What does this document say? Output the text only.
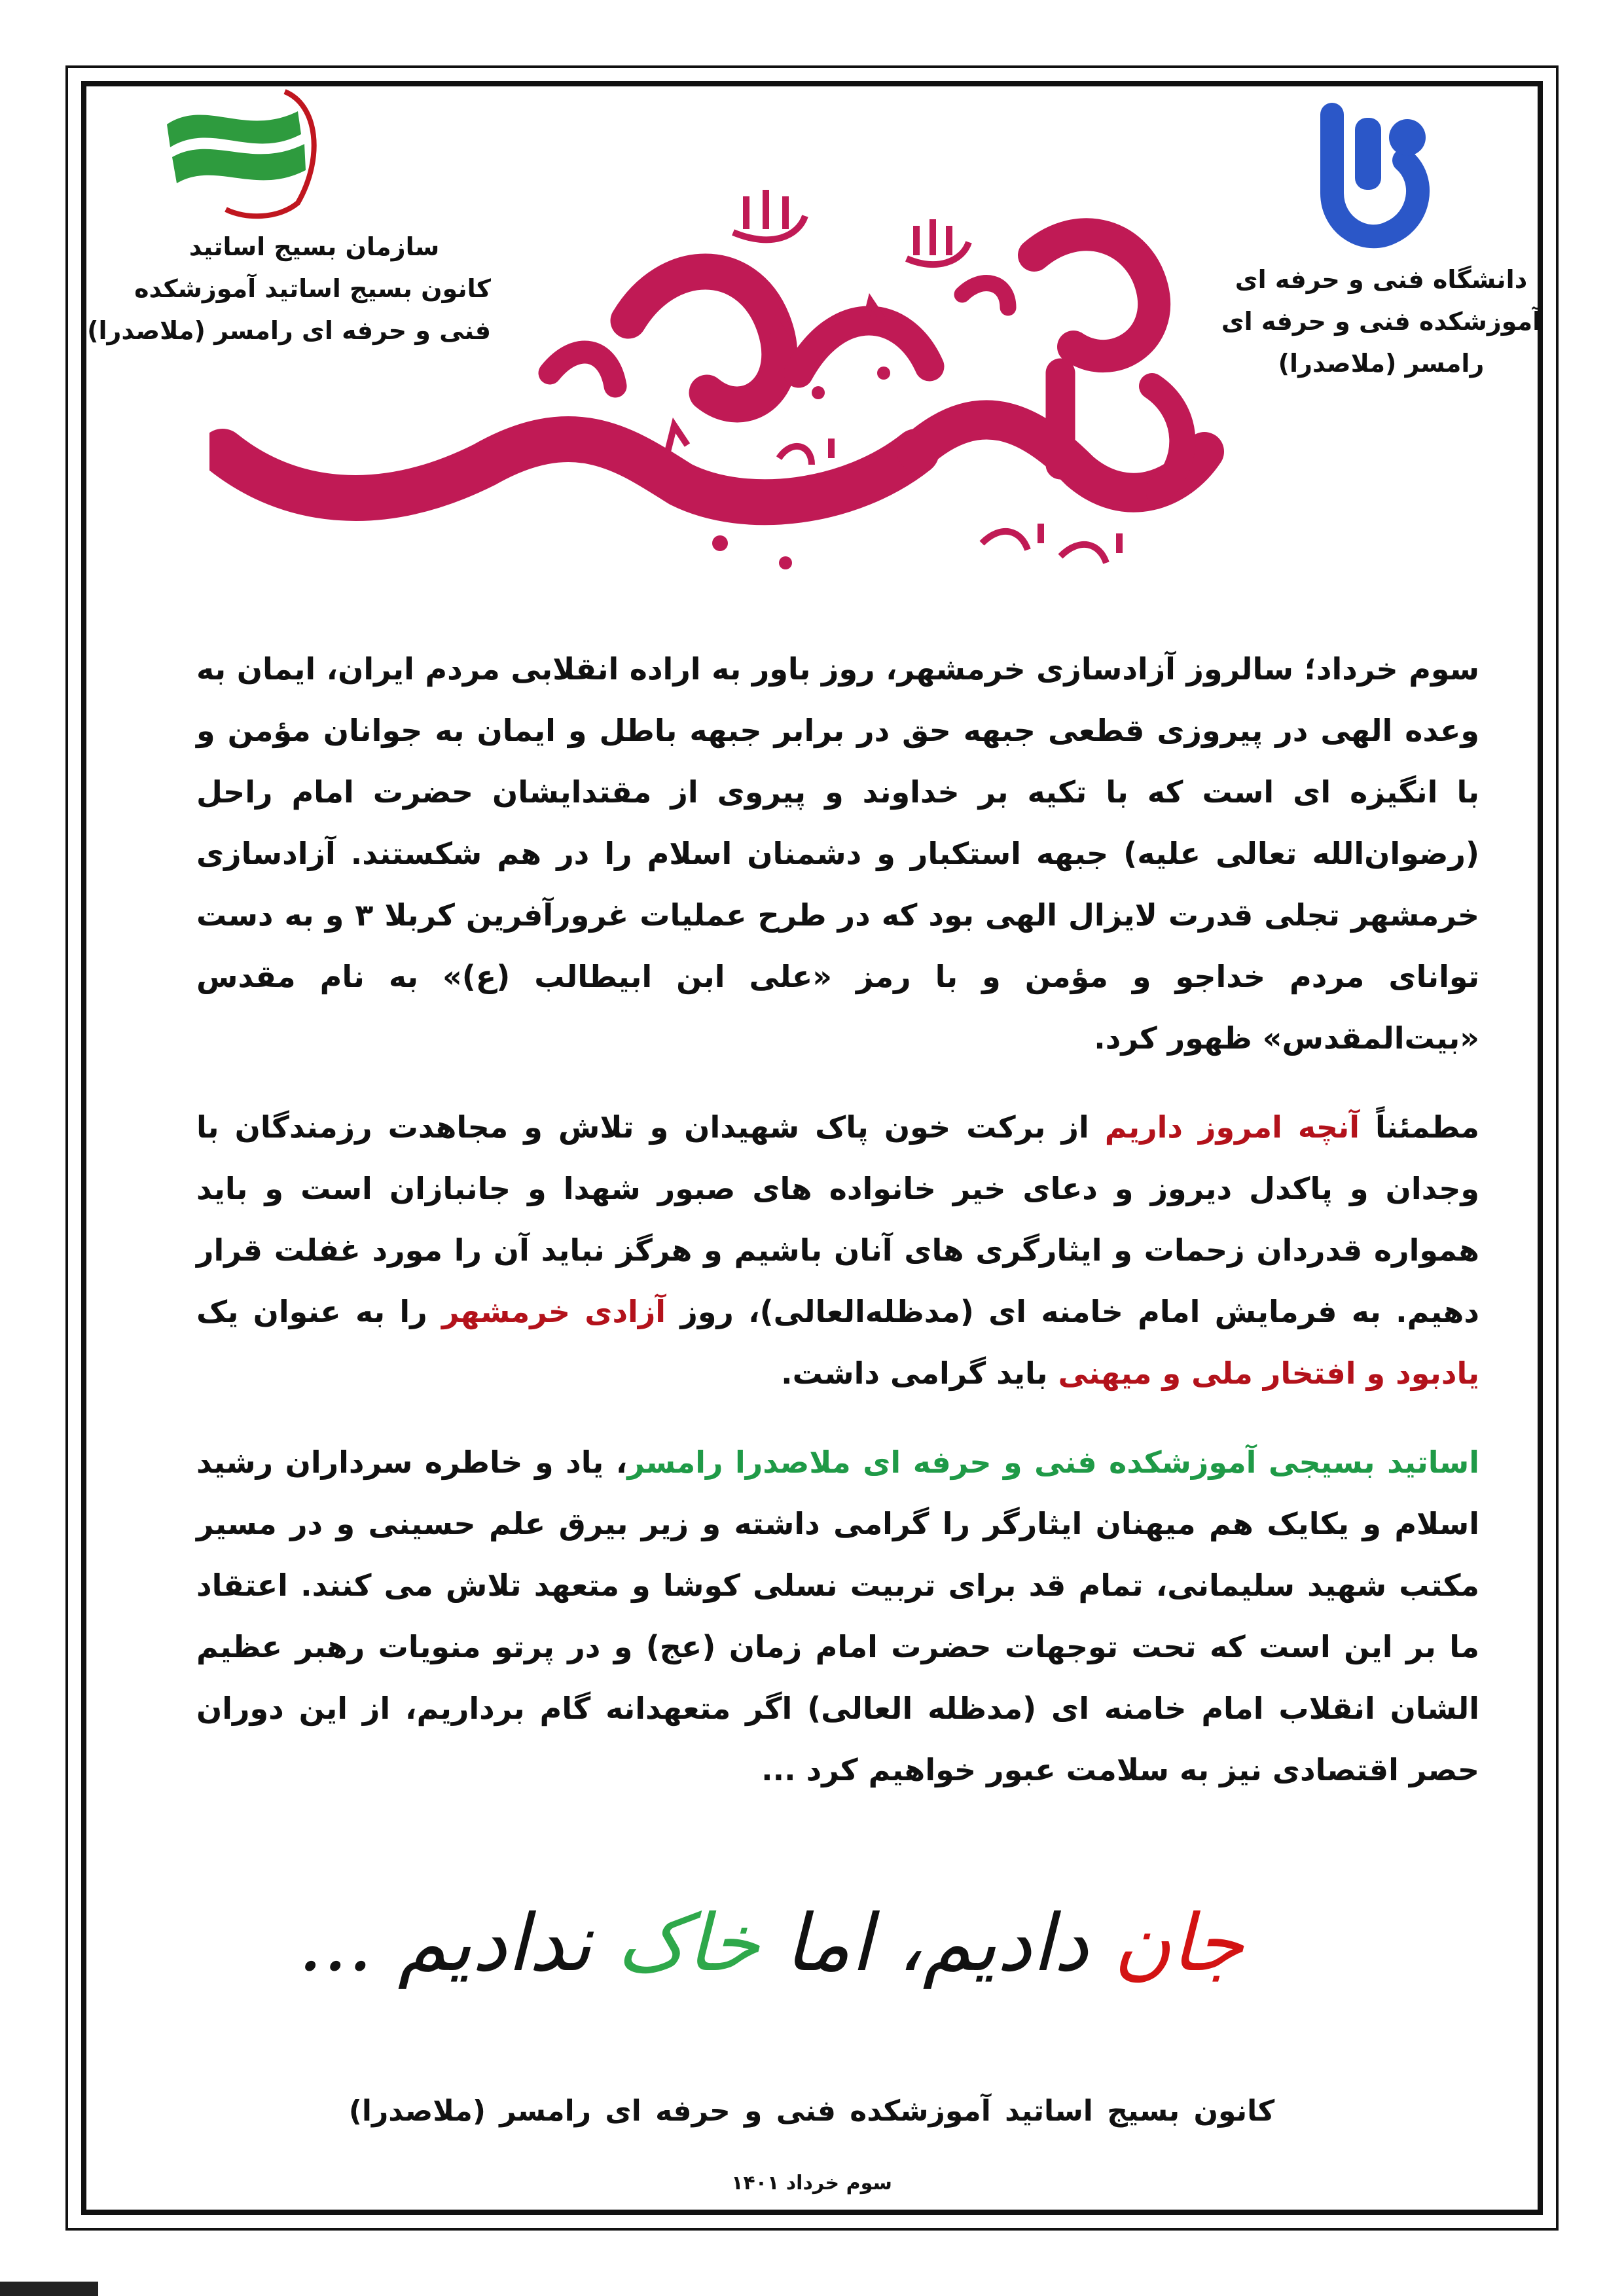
سازمان بسیج اساتید
کانون بسیج اساتید آموزشکده
فنی و حرفه ای رامسر (ملاصدرا)
دانشگاه فنی و حرفه ای
آموزشکده فنی و حرفه ای
رامسر (ملاصدرا)

سوم خرداد؛ سالروز آزادسازی خرمشهر، روز باور به اراده انقلابی مردم ایران، ایمان به وعده الهی در پیروزی قطعی جبهه حق در برابر جبهه باطل و ایمان به جوانان مؤمن و با انگیزه ای است که با تکیه بر خداوند و پیروی از مقتدایشان حضرت امام راحل (رضوان‌الله تعالی علیه) جبهه استکبار و دشمنان اسلام را در هم شکستند. آزادسازی خرمشهر تجلی قدرت لایزال الهی بود که در طرح عملیات غرورآفرین کربلا ۳ و به دست توانای مردم خداجو و مؤمن و با رمز «علی ابن ابیطالب (ع)» به نام مقدس «بیت‌المقدس» ظهور کرد.

مطمئناً آنچه امروز داریم از برکت خون پاک شهیدان و تلاش و مجاهدت رزمندگان با وجدان و پاکدل دیروز و دعای خیر خانواده های صبور شهدا و جانبازان است و باید همواره قدردان زحمات و ایثارگری های آنان باشیم و هرگز نباید آن را مورد غفلت قرار دهیم. به فرمایش امام خامنه ای (مدظله‌العالی)، روز آزادی خرمشهر را به عنوان یک یادبود و افتخار ملی و میهنی باید گرامی داشت.

اساتید بسیجی آموزشکده فنی و حرفه ای ملاصدرا رامسر، یاد و خاطره سرداران رشید اسلام و یکایک هم میهنان ایثارگر را گرامی داشته و زیر بیرق علم حسینی و در مسیر مکتب شهید سلیمانی، تمام قد برای تربیت نسلی کوشا و متعهد تلاش می کنند. اعتقاد ما بر این است که تحت توجهات حضرت امام زمان (عج) و در پرتو منویات رهبر عظیم الشان انقلاب امام خامنه ای (مدظله العالی) اگر متعهدانه گام برداریم، از این دوران حصر اقتصادی نیز به سلامت عبور خواهیم کرد ...

جان دادیم، اما خاک ندادیم ...
کانون بسیج اساتید آموزشکده فنی و حرفه ای رامسر (ملاصدرا)
سوم خرداد ۱۴۰۱
